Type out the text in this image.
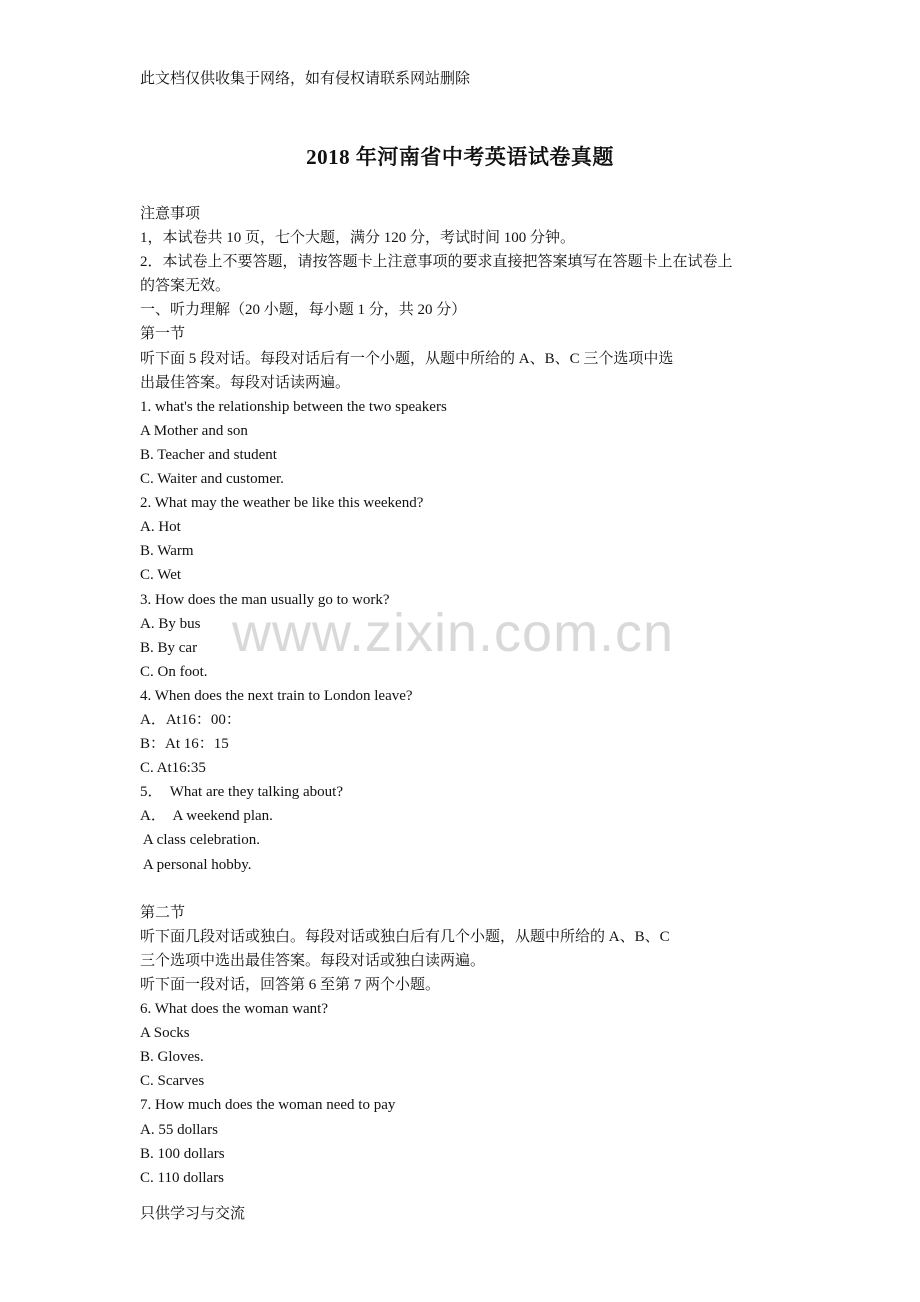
此文档仅供收集于网络，如有侵权请联系网站删除
2018 年河南省中考英语试卷真题
注意事项
1，本试卷共 10 页，七个大题，满分 120 分，考试时间 100 分钟。
2．本试卷上不要答题，请按答题卡上注意事项的要求直接把答案填写在答题卡上在试卷上
的答案无效。
一、听力理解（20 小题，每小题 1 分，共 20 分）
第一节
听下面 5 段对话。每段对话后有一个小题，从题中所给的 A、B、C 三个选项中选
出最佳答案。每段对话读两遍。
1. what's the relationship between the two speakers
A Mother and son
B. Teacher and student
C. Waiter and customer.
2. What may the weather be like this weekend?
A. Hot
B. Warm
C. Wet
3. How does the man usually go to work?
A. By bus
B. By car
C. On foot.
4. When does the next train to London leave?
A．At16：00：
B：At 16：15
C. At16:35
5．  What are they talking about?
A．  A weekend plan.
A class celebration.
A personal hobby.
第二节
听下面几段对话或独白。每段对话或独白后有几个小题，从题中所给的 A、B、C
三个选项中选出最佳答案。每段对话或独白读两遍。
听下面一段对话，回答第 6 至第 7 两个小题。
6. What does the woman want?
A Socks
B. Gloves.
C. Scarves
7. How much does the woman need to pay
A. 55 dollars
B. 100 dollars
C. 110 dollars
www.zixin.com.cn
只供学习与交流
